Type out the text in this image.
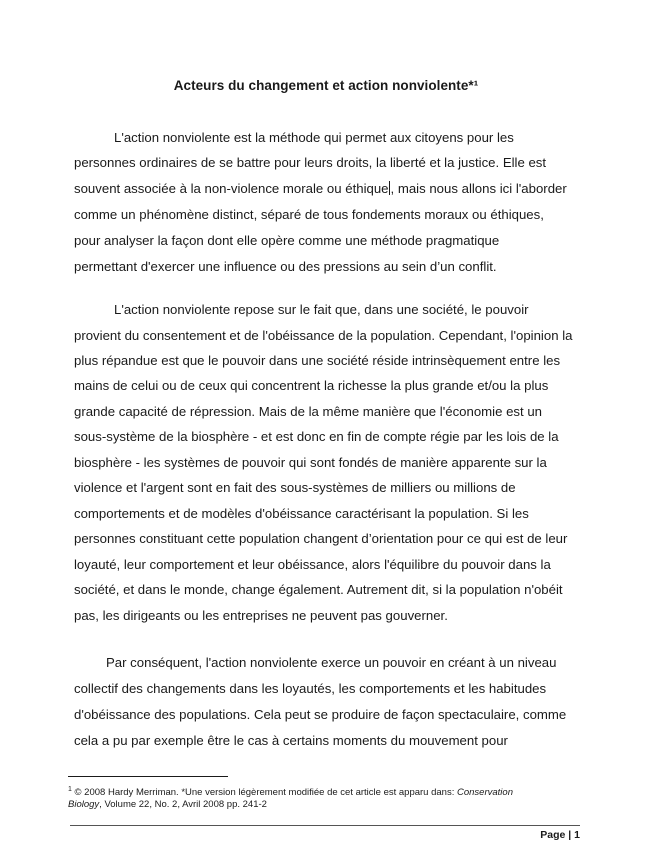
Acteurs du changement et action nonviolente*¹
L'action nonviolente est la méthode qui permet aux citoyens pour les
personnes ordinaires de se battre pour leurs droits, la liberté et la justice. Elle est
souvent associée à la non-violence morale ou éthique , mais nous allons ici l'aborder
comme un phénomène distinct, séparé de tous fondements moraux ou éthiques,
pour analyser la façon dont elle opère comme une méthode pragmatique
permettant d'exercer une influence ou des pressions au sein d’un conflit.
L'action nonviolente repose sur le fait que, dans une société, le pouvoir
provient du consentement et de l'obéissance de la population. Cependant, l'opinion la
plus répandue est que le pouvoir dans une société réside intrinsèquement entre les
mains de celui ou de ceux qui concentrent la richesse la plus grande et/ou la plus
grande capacité de répression. Mais de la même manière que l'économie est un
sous-système de la biosphère - et est donc en fin de compte régie par les lois de la
biosphère - les systèmes de pouvoir qui sont fondés de manière apparente sur la
violence et l'argent sont en fait des sous-systèmes de milliers ou millions de
comportements et de modèles d'obéissance caractérisant la population. Si les
personnes constituant cette population changent d’orientation pour ce qui est de leur
loyauté, leur comportement et leur obéissance, alors l'équilibre du pouvoir dans la
société, et dans le monde, change également. Autrement dit, si la population n'obéit
pas, les dirigeants ou les entreprises ne peuvent pas gouverner.
Par conséquent, l'action nonviolente exerce un pouvoir en créant à un niveau
collectif des changements dans les loyautés, les comportements et les habitudes
d'obéissance des populations. Cela peut se produire de façon spectaculaire, comme
cela a pu par exemple être le cas à certains moments du mouvement pour
$^1$ © 2008 Hardy Merriman. *Une version légèrement modifiée de cet article est apparu dans: Conservation
Biology, Volume 22, No. 2, Avril 2008 pp. 241-2
Page | 1
